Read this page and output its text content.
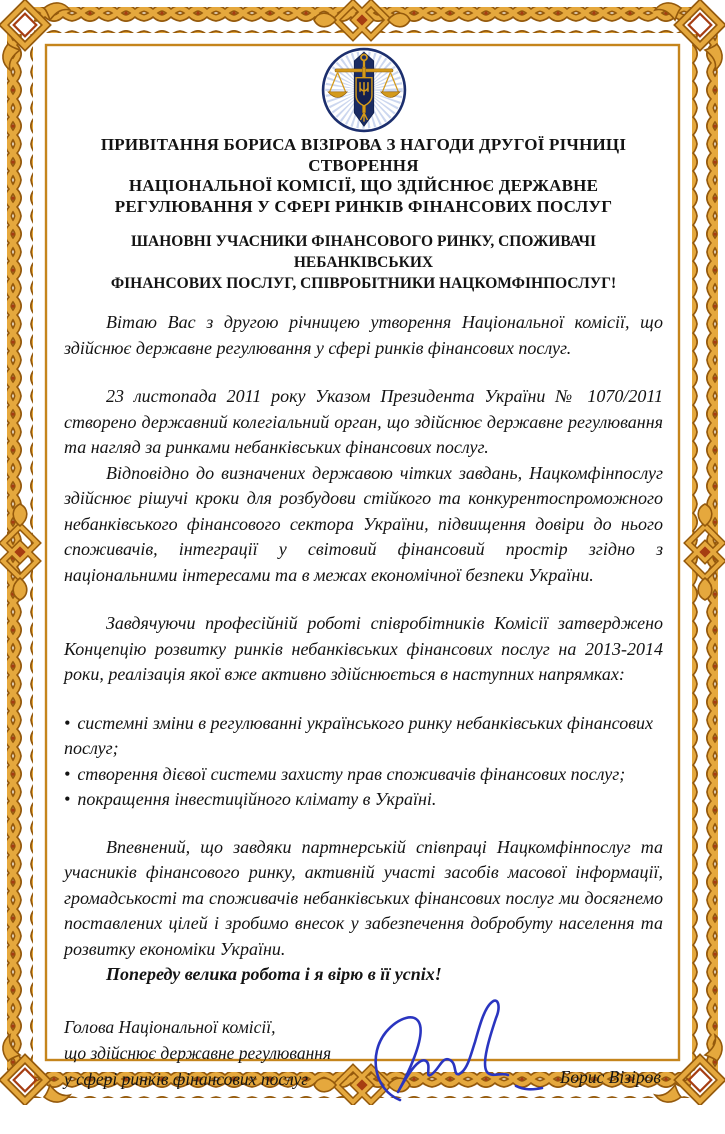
ПРИВІТАННЯ БОРИСА ВІЗІРОВА З НАГОДИ ДРУГОЇ РІЧНИЦІ СТВОРЕННЯ
НАЦІОНАЛЬНОЇ КОМІСІЇ, ЩО ЗДІЙСНЮЄ ДЕРЖАВНЕ
РЕГУЛЮВАННЯ У СФЕРІ РИНКІВ ФІНАНСОВИХ ПОСЛУГ
ШАНОВНІ УЧАСНИКИ ФІНАНСОВОГО РИНКУ, СПОЖИВАЧІ НЕБАНКІВСЬКИХ
ФІНАНСОВИХ ПОСЛУГ, СПІВРОБІТНИКИ НАЦКОМФІНПОСЛУГ!

Вітаю Вас з другою річницею утворення Національної комісії, що здійснює державне регулювання у сфері ринків фінансових послуг.

23 листопада 2011 року Указом Президента України № 1070/2011 створено державний колегіальний орган, що здійснює державне регулювання та нагляд за ринками небанківських фінансових послуг.

Відповідно до визначених державою чітких завдань, Нацкомфінпослуг здійснює рішучі кроки для розбудови стійкого та конкурентоспроможного небанківського фінансового сектора України, підвищення довіри до нього споживачів, інтеграції у світовий фінансовий простір згідно з національними інтересами та в межах економічної безпеки України.

Завдячуючи професійній роботі співробітників Комісії затверджено Концепцію розвитку ринків небанківських фінансових послуг на 2013-2014 роки, реалізація якої вже активно здійснюється в наступних напрямках:

• системні зміни в регулюванні українського ринку небанківських фінансових послуг;
• створення дієвої системи захисту прав споживачів фінансових послуг;
• покращення інвестиційного клімату в Україні.

Впевнений, що завдяки партнерській співпраці Нацкомфінпослуг та учасників фінансового ринку, активній участі засобів масової інформації, громадськості та споживачів небанківських фінансових послуг ми досягнемо поставлених цілей і зробимо внесок у забезпечення добробуту населення та розвитку економіки України.

Попереду велика робота і я вірю в її успіх!

Голова Національної комісії,
що здійснює державне регулювання
у сфері ринків фінансових послуг	Борис Візіров
